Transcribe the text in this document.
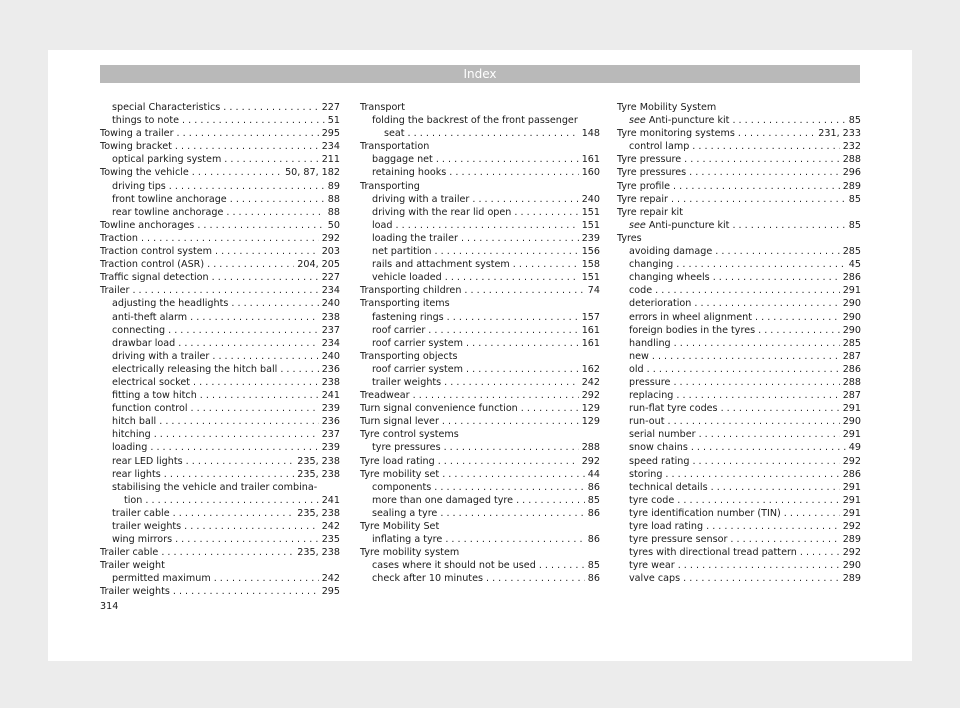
Index
special Characteristics . . .	227
things to note . . .	51
Towing a trailer . . .	295
Towing bracket . . .	234
optical parking system . . .	211
Towing the vehicle . . .	50, 87, 182
driving tips . . .	89
front towline anchorage . . .	88
rear towline anchorage . . .	88
Towline anchorages . . .	50
Traction . . .	292
Traction control system . . .	203
Traction control (ASR) . . .	204, 205
Traffic signal detection . . .	227
Trailer . . .	234
adjusting the headlights . . .	240
anti-theft alarm . . .	238
connecting . . .	237
drawbar load . . .	234
driving with a trailer . . .	240
electrically releasing the hitch ball . . .	236
electrical socket . . .	238
fitting a tow hitch . . .	241
function control . . .	239
hitch ball . . .	236
hitching . . .	237
loading . . .	239
rear LED lights . . .	235, 238
rear lights . . .	235, 238
stabilising the vehicle and trailer combina-
tion . . .	241
trailer cable . . .	235, 238
trailer weights . . .	242
wing mirrors . . .	235
Trailer cable . . .	235, 238
Trailer weight
permitted maximum . . .	242
Trailer weights . . .	295
Transport
folding the backrest of the front passenger
seat . . .	148
Transportation
baggage net . . .	161
retaining hooks . . .	160
Transporting
driving with a trailer . . .	240
driving with the rear lid open . . .	151
load . . .	151
loading the trailer . . .	239
net partition . . .	156
rails and attachment system . . .	158
vehicle loaded . . .	151
Transporting children . . .	74
Transporting items
fastening rings . . .	157
roof carrier . . .	161
roof carrier system . . .	161
Transporting objects
roof carrier system . . .	162
trailer weights . . .	242
Treadwear . . .	292
Turn signal convenience function . . .	129
Turn signal lever . . .	129
Tyre control systems
tyre pressures . . .	288
Tyre load rating . . .	292
Tyre mobility set . . .	44
components . . .	86
more than one damaged tyre . . .	85
sealing a tyre . . .	86
Tyre Mobility Set
inflating a tyre . . .	86
Tyre mobility system
cases where it should not be used . . .	85
check after 10 minutes . . .	86
Tyre Mobility System
see Anti-puncture kit . . .	85
Tyre monitoring systems . . .	231, 233
control lamp . . .	232
Tyre pressure . . .	288
Tyre pressures . . .	296
Tyre profile . . .	289
Tyre repair . . .	85
Tyre repair kit
see Anti-puncture kit . . .	85
Tyres
avoiding damage . . .	285
changing . . .	45
changing wheels . . .	286
code . . .	291
deterioration . . .	290
errors in wheel alignment . . .	290
foreign bodies in the tyres . . .	290
handling . . .	285
new . . .	287
old . . .	286
pressure . . .	288
replacing . . .	287
run-flat tyre codes . . .	291
run-out . . .	290
serial number . . .	291
snow chains . . .	49
speed rating . . .	292
storing . . .	286
technical details . . .	291
tyre code . . .	291
tyre identification number (TIN) . . .	291
tyre load rating . . .	292
tyre pressure sensor . . .	289
tyres with directional tread pattern . . .	292
tyre wear . . .	290
valve caps . . .	289
314
